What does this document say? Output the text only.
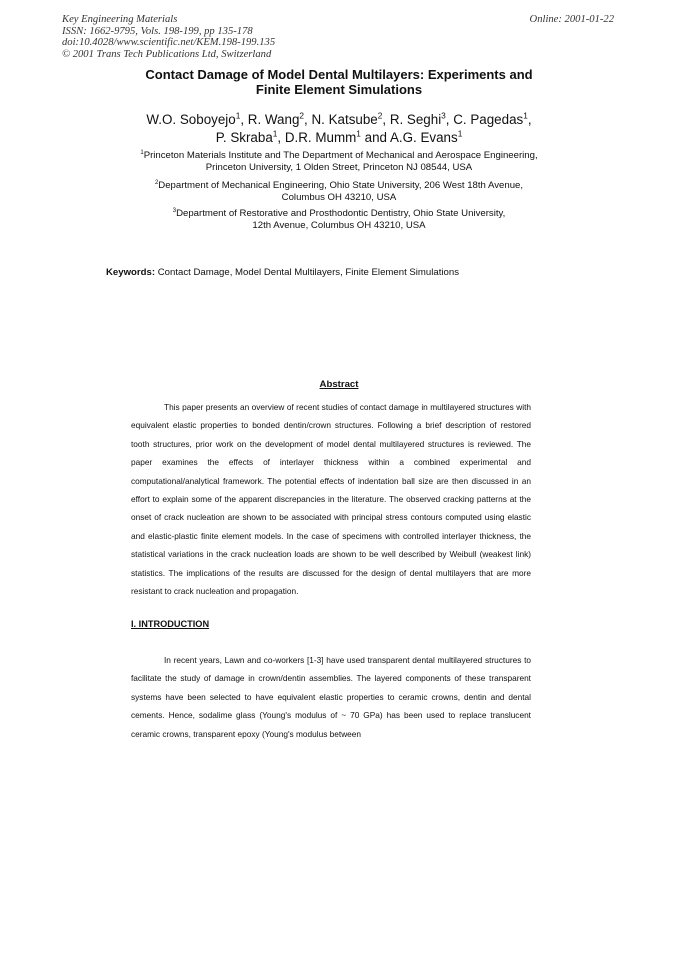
Key Engineering Materials
ISSN: 1662-9795, Vols. 198-199, pp 135-178
doi:10.4028/www.scientific.net/KEM.198-199.135
© 2001 Trans Tech Publications Ltd, Switzerland
Online: 2001-01-22
Contact Damage of Model Dental Multilayers: Experiments and
Finite Element Simulations
W.O. Soboyejo$^1$, R. Wang$^2$, N. Katsube$^2$, R. Seghi$^3$, C. Pagedas$^1$,
P. Skraba$^1$, D.R. Mumm$^1$ and A.G. Evans$^1$
$^1$Princeton Materials Institute and The Department of Mechanical and Aerospace Engineering,
Princeton University, 1 Olden Street, Princeton NJ 08544, USA
$^2$Department of Mechanical Engineering, Ohio State University, 206 West 18th Avenue,
Columbus OH 43210, USA
$^3$Department of Restorative and Prosthodontic Dentistry, Ohio State University,
12th Avenue, Columbus OH 43210, USA
Keywords: Contact Damage, Model Dental Multilayers, Finite Element Simulations
Abstract

This paper presents an overview of recent studies of contact damage in multilayered structures with equivalent elastic properties to bonded dentin/crown structures. Following a brief description of restored tooth structures, prior work on the development of model dental multilayered structures is reviewed. The paper examines the effects of interlayer thickness within a combined experimental and computational/analytical framework. The potential effects of indentation ball size are then discussed in an effort to explain some of the apparent discrepancies in the literature. The observed cracking patterns at the onset of crack nucleation are shown to be associated with principal stress contours computed using elastic and elastic-plastic finite element models. In the case of specimens with controlled interlayer thickness, the statistical variations in the crack nucleation loads are shown to be well described by Weibull (weakest link) statistics. The implications of the results are discussed for the design of dental multilayers that are more resistant to crack nucleation and propagation.

I. INTRODUCTION

In recent years, Lawn and co-workers [1-3] have used transparent dental multilayered structures to facilitate the study of damage in crown/dentin assemblies. The layered components of these transparent systems have been selected to have equivalent elastic properties to ceramic crowns, dentin and dental cements. Hence, sodalime glass (Young's modulus of ~ 70 GPa) has been used to replace translucent ceramic crowns, transparent epoxy (Young's modulus between
